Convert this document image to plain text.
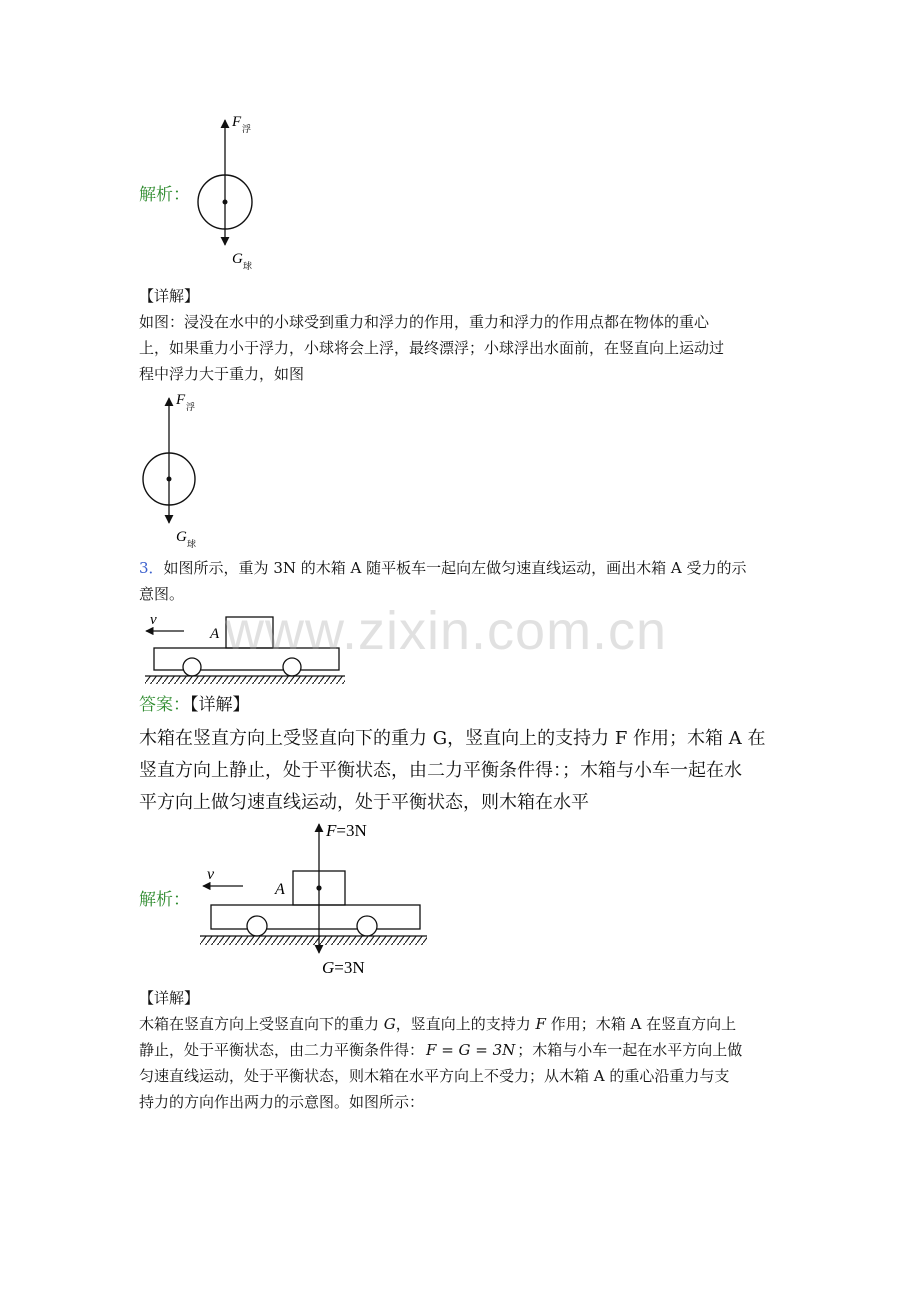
解析：
F 浮
G 球
【详解】
如图：浸没在水中的小球受到重力和浮力的作用，重力和浮力的作用点都在物体的重心
上，如果重力小于浮力，小球将会上浮，最终漂浮；小球浮出水面前，在竖直向上运动过
程中浮力大于重力，如图
F 浮
G 球
3．如图所示，重为 3N 的木箱 A 随平板车一起向左做匀速直线运动，画出木箱 A 受力的示
意图。
v
A www.zixin.com.cn
答案：【详解】
木箱在竖直方向上受竖直向下的重力 G，竖直向上的支持力 F 作用；木箱 A 在
竖直方向上静止，处于平衡状态，由二力平衡条件得：；木箱与小车一起在水
平方向上做匀速直线运动，处于平衡状态，则木箱在水平
解析：
v
A
F=3N
G=3N
【详解】
木箱在竖直方向上受竖直向下的重力 G，竖直向上的支持力 F 作用；木箱 A 在竖直方向上
静止，处于平衡状态，由二力平衡条件得： F = G = 3N ；木箱与小车一起在水平方向上做
匀速直线运动，处于平衡状态，则木箱在水平方向上不受力；从木箱 A 的重心沿重力与支
持力的方向作出两力的示意图。如图所示：
